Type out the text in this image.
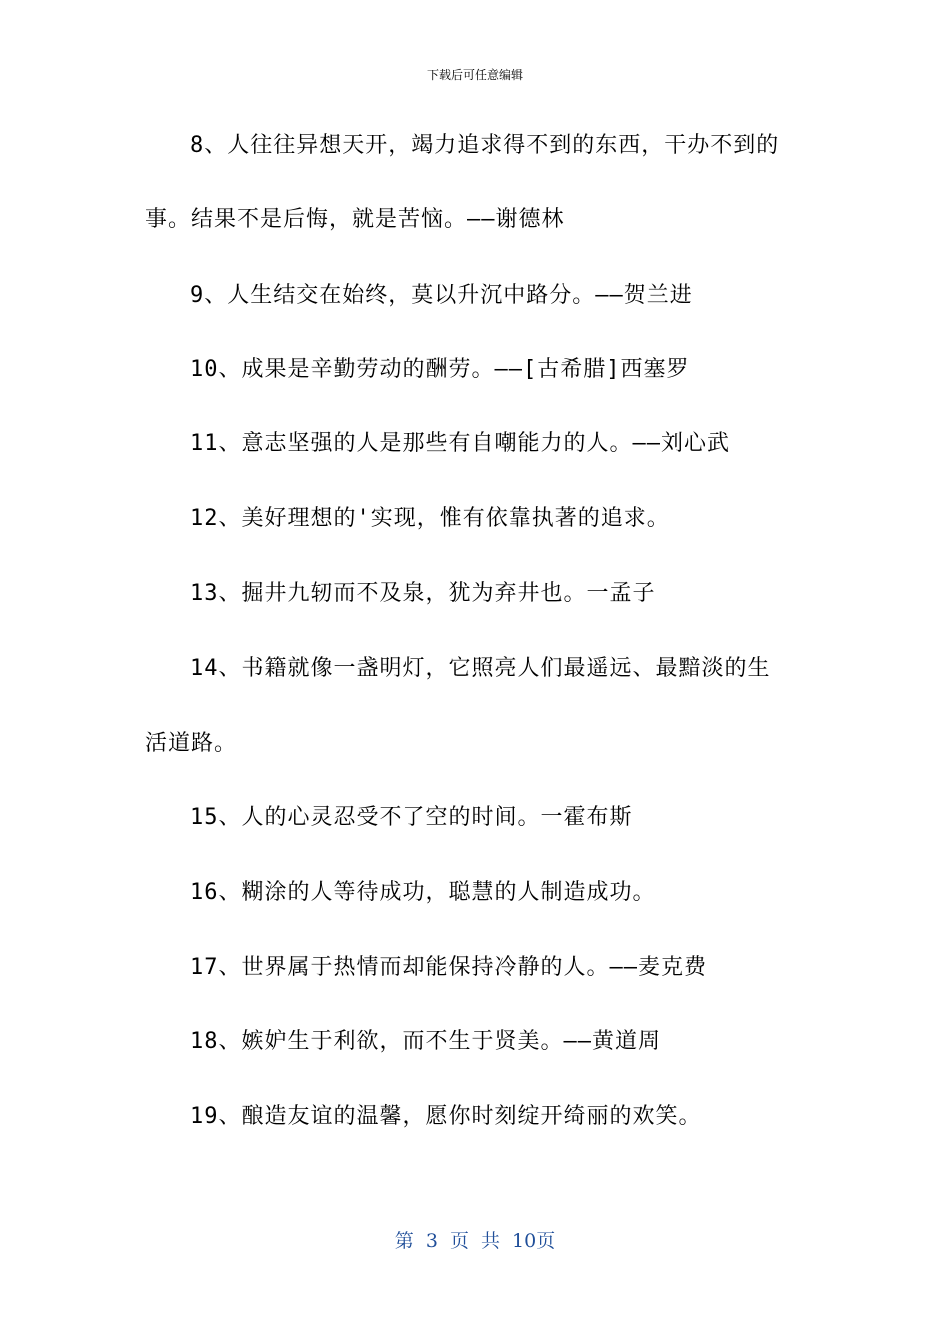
下载后可任意编辑
8、人往往异想天开，竭力追求得不到的东西，干办不到的
事。结果不是后悔，就是苦恼。——谢德林
9、人生结交在始终，莫以升沉中路分。——贺兰进
10、成果是辛勤劳动的酬劳。——[古希腊]西塞罗
11、意志坚强的人是那些有自嘲能力的人。——刘心武
12、美好理想的'实现，惟有依靠执著的追求。
13、掘井九轫而不及泉，犹为弃井也。一孟子
14、书籍就像一盏明灯，它照亮人们最遥远、最黯淡的生
活道路。
15、人的心灵忍受不了空的时间。一霍布斯
16、糊涂的人等待成功，聪慧的人制造成功。
17、世界属于热情而却能保持冷静的人。——麦克费
18、嫉妒生于利欲，而不生于贤美。——黄道周
19、酿造友谊的温馨，愿你时刻绽开绮丽的欢笑。
第 3 页 共 10页
